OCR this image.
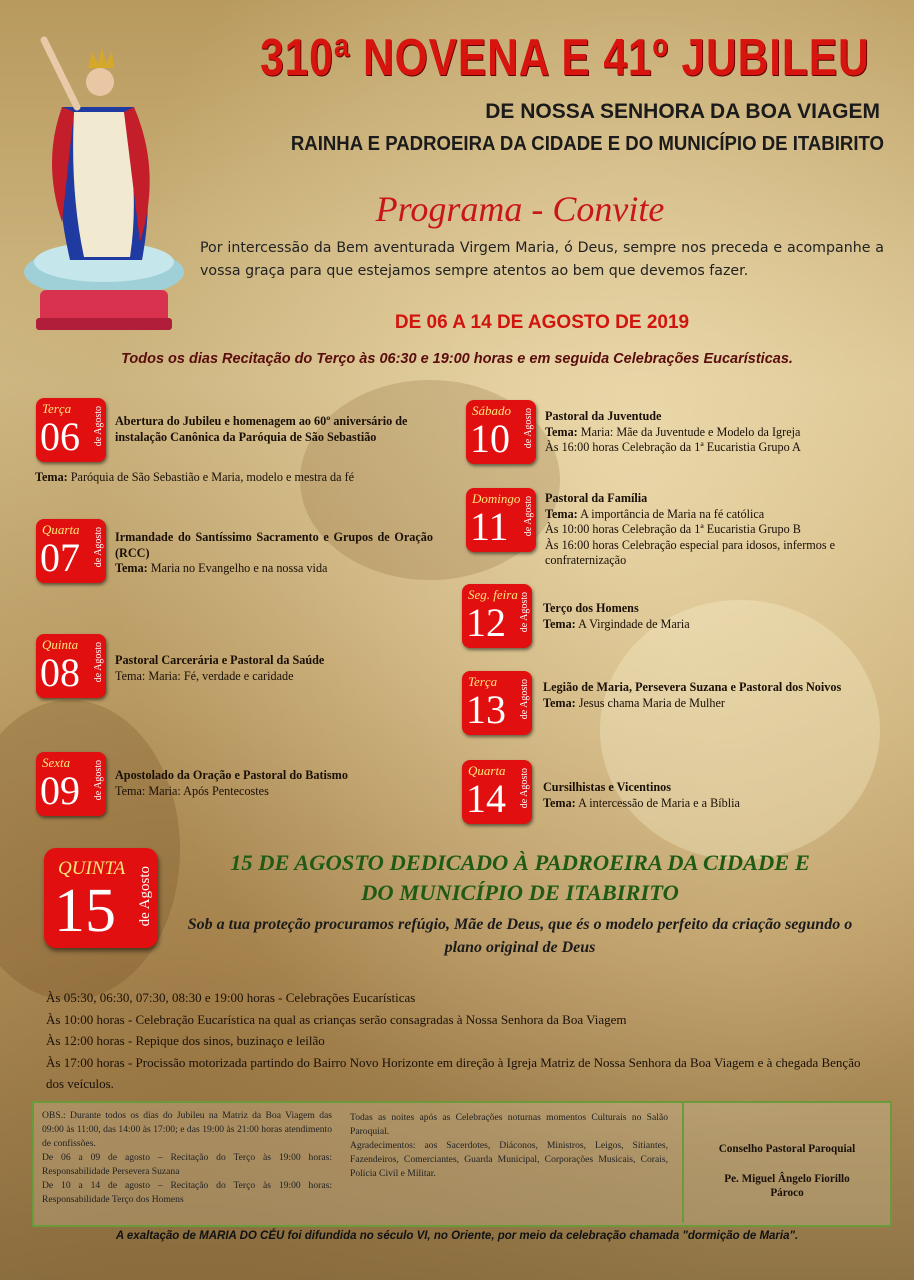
310ª NOVENA E 41º JUBILEU
DE NOSSA SENHORA DA BOA VIAGEM
RAINHA E PADROEIRA DA CIDADE E DO MUNICÍPIO DE ITABIRITO
Programa - Convite
Por intercessão da Bem aventurada Virgem Maria, ó Deus, sempre nos preceda e acompanhe a vossa graça para que estejamos sempre atentos ao bem que devemos fazer.
DE 06 A 14 DE AGOSTO DE 2019
Todos os dias Recitação do Terço às 06:30 e 19:00 horas e em seguida Celebrações Eucarísticas.
Terça
06 de Agosto Abertura do Jubileu e homenagem ao 60º aniversário de instalação Canônica da Paróquia de São Sebastião
Tema: Paróquia de São Sebastião e Maria, modelo e mestra da fé
Quarta
07 de Agosto Irmandade do Santíssimo Sacramento e Grupos de Oração (RCC)
Tema: Maria no Evangelho e na nossa vida
Quinta
08 de Agosto Pastoral Carcerária e Pastoral da Saúde
Tema: Maria: Fé, verdade e caridade
Sexta
09 de Agosto Apostolado da Oração e Pastoral do Batismo
Tema: Maria: Após Pentecostes
Sábado
10 de Agosto Pastoral da Juventude
Tema: Maria: Mãe da Juventude e Modelo da Igreja
Às 16:00 horas Celebração da 1ª Eucaristia Grupo A
Domingo
11 de Agosto Pastoral da Família
Tema: A importância de Maria na fé católica
Às 10:00 horas Celebração da 1ª Eucaristia Grupo B
Às 16:00 horas Celebração especial para idosos, infermos e confraternização
Seg. feira
12 de Agosto Terço dos Homens
Tema: A Virgindade de Maria
Terça
13 de Agosto Legião de Maria, Persevera Suzana e Pastoral dos Noivos
Tema: Jesus chama Maria de Mulher
Quarta
14 de Agosto Cursilhistas e Vicentinos
Tema: A intercessão de Maria e a Bíblia
QUINTA
15 de Agosto
15 DE AGOSTO DEDICADO À PADROEIRA DA CIDADE E
DO MUNICÍPIO DE ITABIRITO
Sob a tua proteção procuramos refúgio, Mãe de Deus, que és o modelo perfeito da criação segundo o plano original de Deus
Às 05:30, 06:30, 07:30, 08:30 e 19:00 horas - Celebrações Eucarísticas
Às 10:00 horas - Celebração Eucarística na qual as crianças serão consagradas à Nossa Senhora da Boa Viagem
Às 12:00 horas - Repique dos sinos, buzinaço e leilão
Às 17:00 horas - Procissão motorizada partindo do Bairro Novo Horizonte em direção à Igreja Matriz de Nossa Senhora da Boa Viagem e à chegada Benção dos veículos.
OBS.: Durante todos os dias do Jubileu na Matriz da Boa Viagem das 09:00 às 11:00, das 14:00 às 17:00; e das 19:00 às 21:00 horas atendimento de confissões.
De 06 a 09 de agosto – Recitação do Terço às 19:00 horas: Responsabilidade Persevera Suzana
De 10 a 14 de agosto – Recitação do Terço às 19:00 horas: Responsabilidade Terço dos Homens
Todas as noites após as Celebrações noturnas momentos Culturais no Salão Paroquial.
Agradecimentos: aos Sacerdotes, Diáconos, Ministros, Leigos, Sitiantes, Fazendeiros, Comerciantes, Guarda Municipal, Corporações Musicais, Corais, Polícia Civil e Militar.
Conselho Pastoral Paroquial
Pe. Miguel Ângelo Fiorillo
Pároco
A exaltação de MARIA DO CÉU foi difundida no século VI, no Oriente, por meio da celebração chamada "dormição de Maria".
